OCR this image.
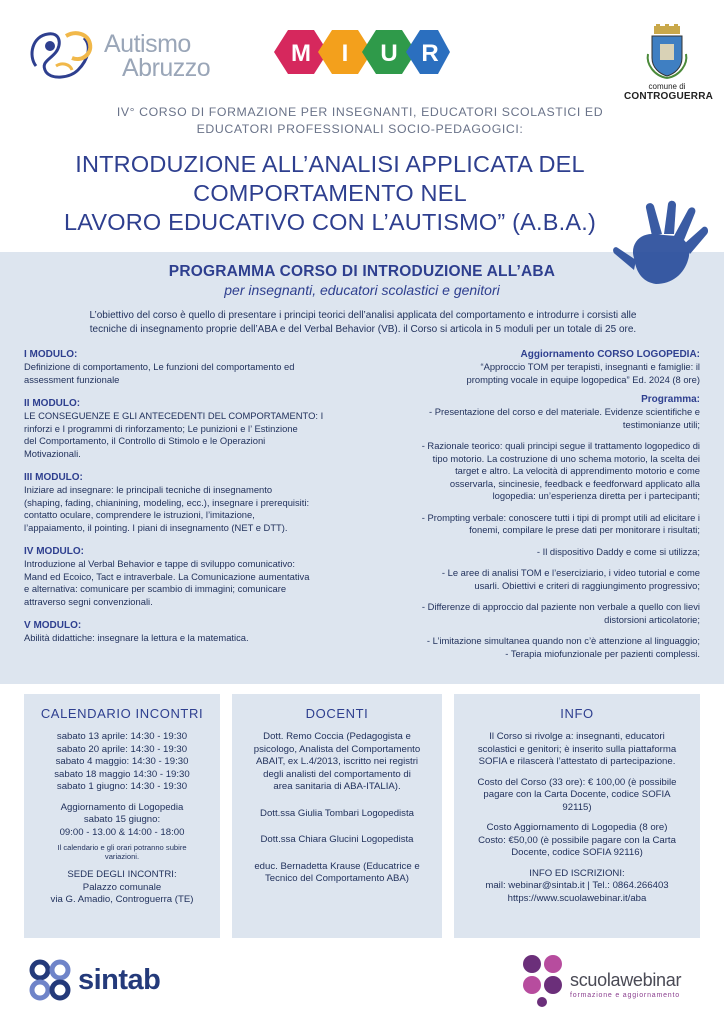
Autismo
Abruzzo
M I U R
comune di
CONTROGUERRA
IV° CORSO DI FORMAZIONE PER INSEGNANTI, EDUCATORI SCOLASTICI ED
EDUCATORI PROFESSIONALI SOCIO-PEDAGOGICI:
INTRODUZIONE ALL’ANALISI APPLICATA DEL
COMPORTAMENTO NEL
LAVORO EDUCATIVO CON L’AUTISMO” (A.B.A.)
PROGRAMMA CORSO DI INTRODUZIONE ALL’ABA
per insegnanti, educatori scolastici e genitori
L’obiettivo del corso è quello di presentare i principi teorici dell’analisi applicata del comportamento e introdurre i corsisti alle
tecniche di insegnamento proprie dell’ABA e del Verbal Behavior (VB). il Corso si articola in 5 moduli per un totale di 25 ore.
I MODULO:
Definizione di comportamento, Le funzioni del comportamento ed
assessment funzionale
II MODULO:
LE CONSEGUENZE E GLI ANTECEDENTI DEL COMPORTAMENTO: I
rinforzi e I programmi di rinforzamento; Le punizioni e l’ Estinzione
del Comportamento, il Controllo di Stimolo e le Operazioni
Motivazionali.
III MODULO:
Iniziare ad insegnare: le principali tecniche di insegnamento
(shaping, fading, chianining, modeling, ecc.), insegnare i prerequisiti:
contatto oculare, comprendere le istruzioni, l’imitazione,
l’appaiamento, il pointing. I piani di insegnamento (NET e DTT).
IV MODULO:
Introduzione al Verbal Behavior e tappe di sviluppo comunicativo:
Mand ed Ecoico, Tact e intraverbale. La Comunicazione aumentativa
e alternativa: comunicare per scambio di immagini; comunicare
attraverso segni convenzionali.
V MODULO:
Abilità didattiche: insegnare la lettura e la matematica.
Aggiornamento CORSO LOGOPEDIA:
“Approccio TOM per terapisti, insegnanti e famiglie: il
prompting vocale in equipe logopedica” Ed. 2024 (8 ore)
Programma:
- Presentazione del corso e del materiale. Evidenze scientifiche e
testimonianze utili;
- Razionale teorico: quali principi segue il trattamento logopedico di
tipo motorio. La costruzione di uno schema motorio, la scelta dei
target e altro. La velocità di apprendimento motorio e come
osservarla, sincinesie, feedback e feedforward applicato alla
logopedia: un’esperienza diretta per i partecipanti;
- Prompting verbale: conoscere tutti i tipi di prompt utili ad elicitare i
fonemi, compilare le prese dati per monitorare i risultati;
- Il dispositivo Daddy e come si utilizza;
- Le aree di analisi TOM e l’eserciziario, i video tutorial e come
usarli. Obiettivi e criteri di raggiungimento progressivo;
- Differenze di approccio dal paziente non verbale a quello con lievi
distorsioni articolatorie;
- L’imitazione simultanea quando non c’è attenzione al linguaggio;
- Terapia miofunzionale per pazienti complessi.
CALENDARIO INCONTRI
sabato 13 aprile: 14:30 - 19:30
sabato 20 aprile: 14:30 - 19:30
sabato 4 maggio: 14:30 - 19:30
sabato 18 maggio 14:30 - 19:30
sabato 1 giugno: 14:30 - 19:30
Aggiornamento di Logopedia
sabato 15 giugno:
09:00 - 13.00 & 14:00 - 18:00
Il calendario e gli orari potranno subire
variazioni.
SEDE DEGLI INCONTRI:
Palazzo comunale
via G. Amadio, Controguerra (TE)
DOCENTI
Dott. Remo Coccia (Pedagogista e
psicologo, Analista del Comportamento
ABAIT, ex L.4/2013, iscritto nei registri
degli analisti del comportamento di
area sanitaria di ABA-ITALIA).
Dott.ssa Giulia Tombari Logopedista
Dott.ssa Chiara Glucini Logopedista
educ. Bernadetta Krause (Educatrice e
Tecnico del Comportamento ABA)
INFO
Il Corso si rivolge a: insegnanti, educatori
scolastici e genitori; è inserito sulla piattaforma
SOFIA e rilascerà l’attestato di partecipazione.
Costo del Corso (33 ore): € 100,00 (è possibile
pagare con la Carta Docente, codice SOFIA
92115)
Costo Aggiornamento di Logopedia (8 ore)
Costo: €50,00 (è possibile pagare con la Carta
Docente, codice SOFIA 92116)
INFO ED ISCRIZIONI:
mail: webinar@sintab.it | Tel.: 0864.266403
https://www.scuolawebinar.it/aba
sintab	scuolawebinar
formazione e aggiornamento
